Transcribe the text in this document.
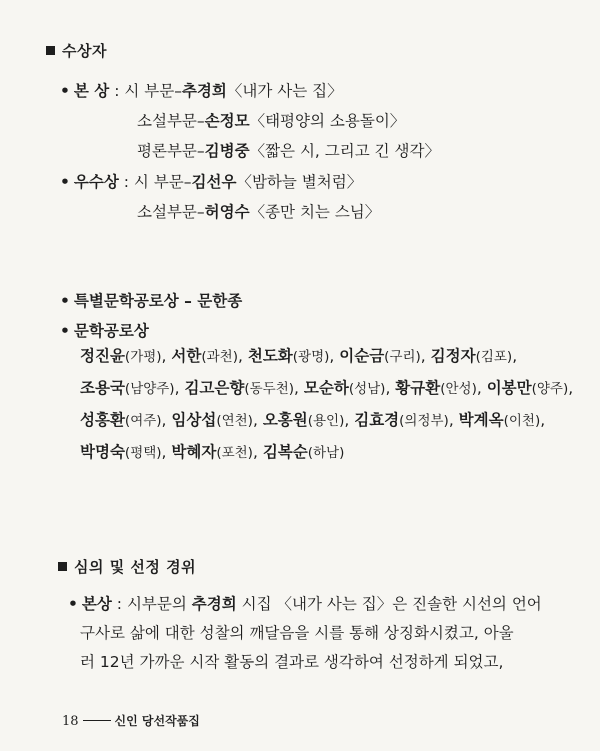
수상자
• 본 상 : 시 부문–추경희〈내가 사는 집〉
소설부문–손정모〈태평양의 소용돌이〉
평론부문–김병중〈짧은 시, 그리고 긴 생각〉
• 우수상 : 시 부문–김선우〈밤하늘 별처럼〉
소설부문–허영수〈종만 치는 스님〉
• 특별문학공로상 – 문한종
• 문학공로상
정진윤(가평), 서한(과천), 천도화(광명), 이순금(구리), 김정자(김포),
조용국(남양주), 김고은향(동두천), 모순하(성남), 황규환(안성), 이봉만(양주),
성홍환(여주), 임상섭(연천), 오홍원(용인), 김효경(의정부), 박계옥(이천),
박명숙(평택), 박혜자(포천), 김복순(하남)
심의 및 선정 경위
• 본상 : 시부문의 추경희 시집 〈내가 사는 집〉은 진솔한 시선의 언어
구사로 삶에 대한 성찰의 깨달음을 시를 통해 상징화시켰고, 아울
러 12년 가까운 시작 활동의 결과로 생각하여 선정하게 되었고,
18	신인 당선작품집
